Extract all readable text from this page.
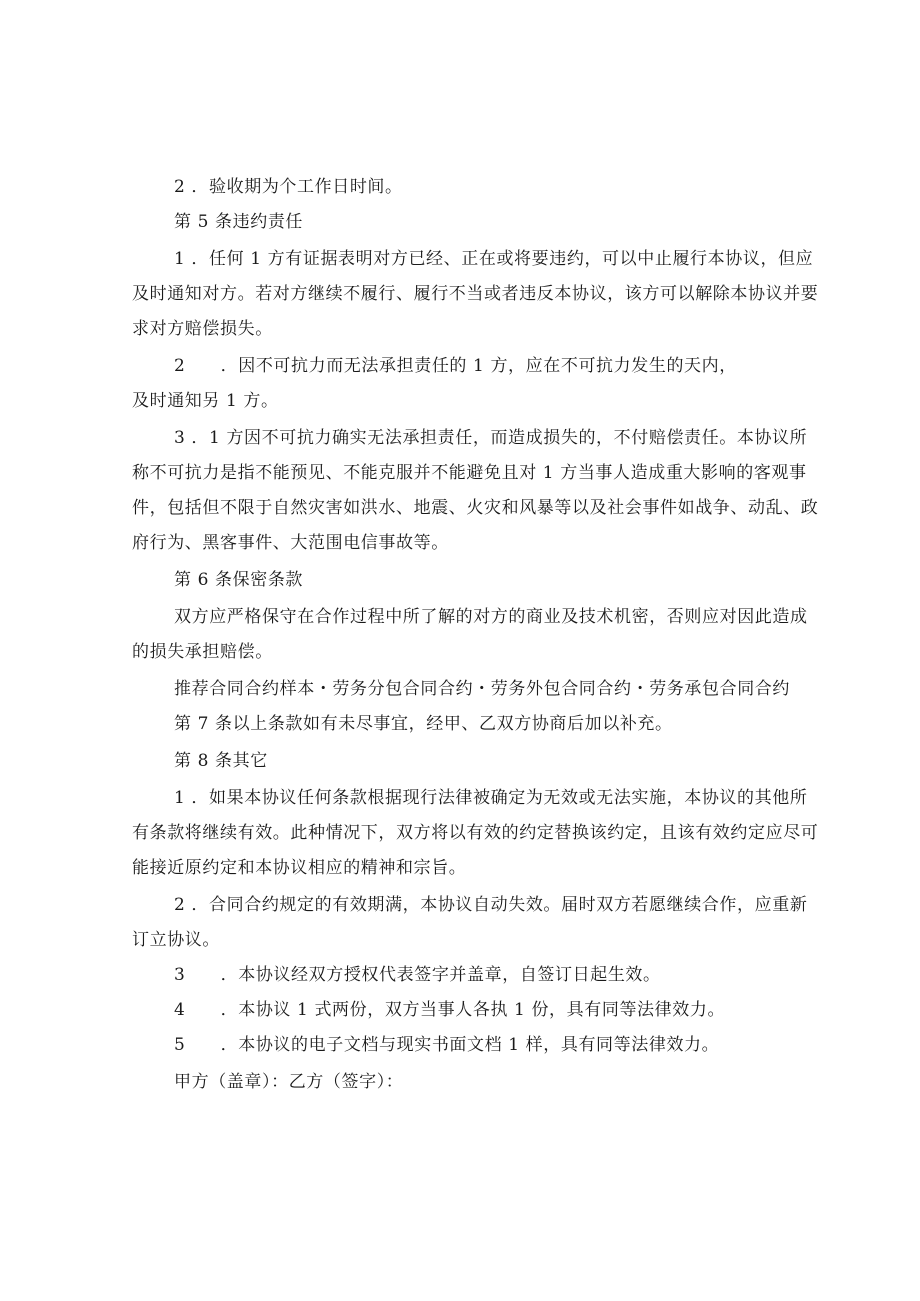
2 ．验收期为个工作日时间。
第 5 条违约责任
1 ．任何 1 方有证据表明对方已经、正在或将要违约，可以中止履行本协议，但应
及时通知对方。若对方继续不履行、履行不当或者违反本协议，该方可以解除本协议并要
求对方赔偿损失。
2　　．因不可抗力而无法承担责任的 1 方，应在不可抗力发生的天内，
及时通知另 1 方。
3 ．1 方因不可抗力确实无法承担责任，而造成损失的，不付赔偿责任。本协议所
称不可抗力是指不能预见、不能克服并不能避免且对 1 方当事人造成重大影响的客观事
件，包括但不限于自然灾害如洪水、地震、火灾和风暴等以及社会事件如战争、动乱、政
府行为、黑客事件、大范围电信事故等。
第 6 条保密条款
双方应严格保守在合作过程中所了解的对方的商业及技术机密，否则应对因此造成
的损失承担赔偿。
推荐合同合约样本・劳务分包合同合约・劳务外包合同合约・劳务承包合同合约
第 7 条以上条款如有未尽事宜，经甲、乙双方协商后加以补充。
第 8 条其它
1 ．如果本协议任何条款根据现行法律被确定为无效或无法实施，本协议的其他所
有条款将继续有效。此种情况下，双方将以有效的约定替换该约定，且该有效约定应尽可
能接近原约定和本协议相应的精神和宗旨。
2 ．合同合约规定的有效期满，本协议自动失效。届时双方若愿继续合作，应重新
订立协议。
3　　．本协议经双方授权代表签字并盖章，自签订日起生效。
4　　．本协议 1 式两份，双方当事人各执 1 份，具有同等法律效力。
5　　．本协议的电子文档与现实书面文档 1 样，具有同等法律效力。
甲方（盖章）：乙方（签字）：
